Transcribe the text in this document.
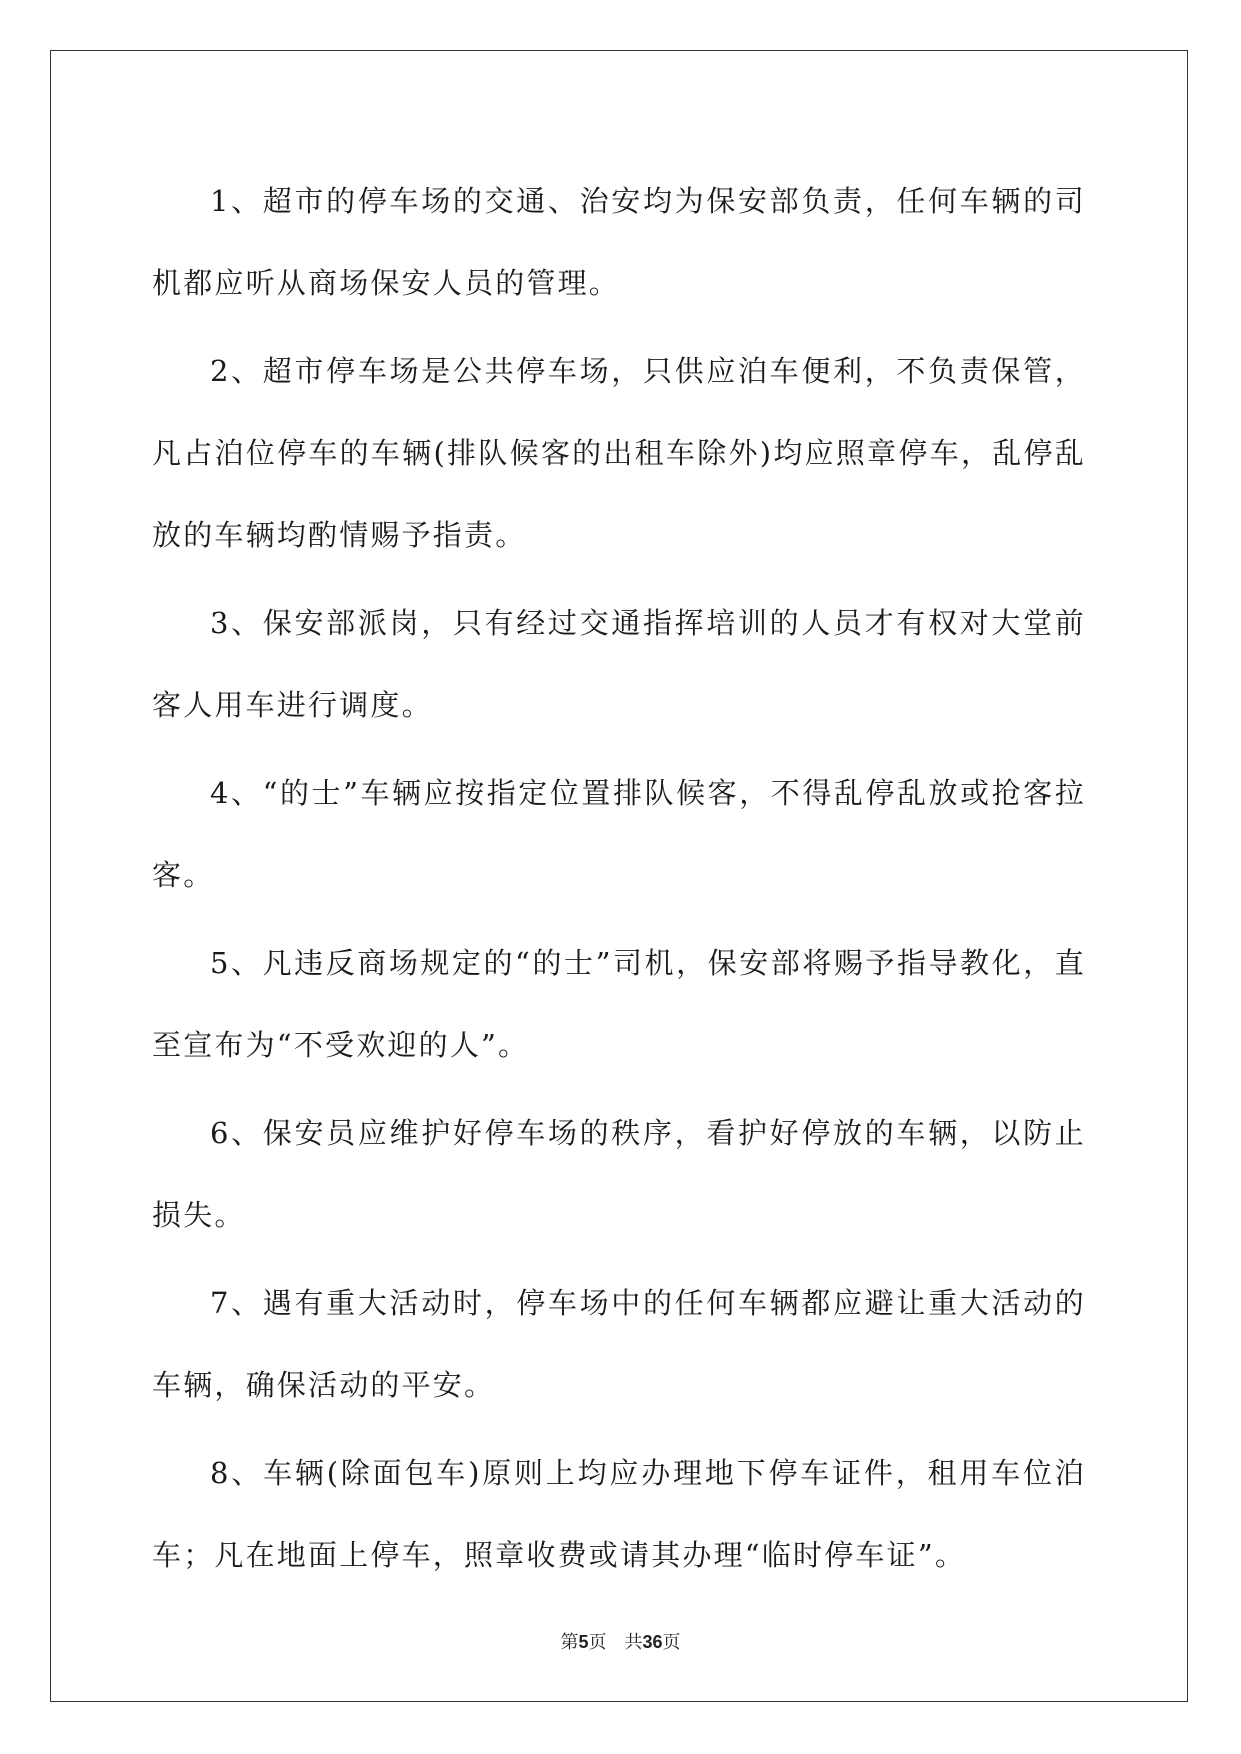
1、超市的停车场的交通、治安均为保安部负责，任何车辆的司机都应听从商场保安人员的管理。

2、超市停车场是公共停车场，只供应泊车便利，不负责保管，凡占泊位停车的车辆(排队候客的出租车除外)均应照章停车，乱停乱放的车辆均酌情赐予指责。

3、保安部派岗，只有经过交通指挥培训的人员才有权对大堂前客人用车进行调度。

4、“的士”车辆应按指定位置排队候客，不得乱停乱放或抢客拉客。

5、凡违反商场规定的“的士”司机，保安部将赐予指导教化，直至宣布为“不受欢迎的人”。

6、保安员应维护好停车场的秩序，看护好停放的车辆，以防止损失。

7、遇有重大活动时，停车场中的任何车辆都应避让重大活动的车辆，确保活动的平安。

8、车辆(除面包车)原则上均应办理地下停车证件，租用车位泊车；凡在地面上停车，照章收费或请其办理“临时停车证”。

第5页 共36页
